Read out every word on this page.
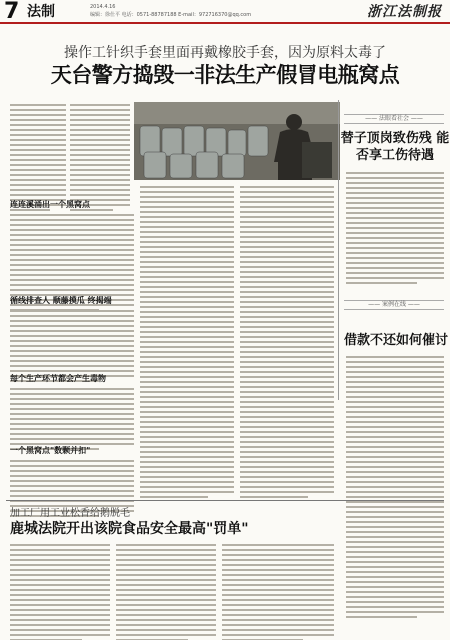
7 法制	2014.4.16
编辑：徐仕平 电话：0571-88787188 E-mail：972716370@qq.com	浙江法制报
操作工针织手套里面再戴橡胶手套，因为原料太毒了
天台警方捣毁一非法生产假冒电瓶窝点
连连溪涌出一个黑窝点
循线排查人 顺藤摸瓜 终揭端
每个生产环节都会产生毒物
一个黑窝点"数颗并扣"
—— 法眼看社会 ——
替子顶岗致伤残 能否享工伤待遇
—— 案例在线 ——
借款不还如何催讨
加工厂用工业松香给鹅脱毛
鹿城法院开出该院食品安全最高"罚单"
